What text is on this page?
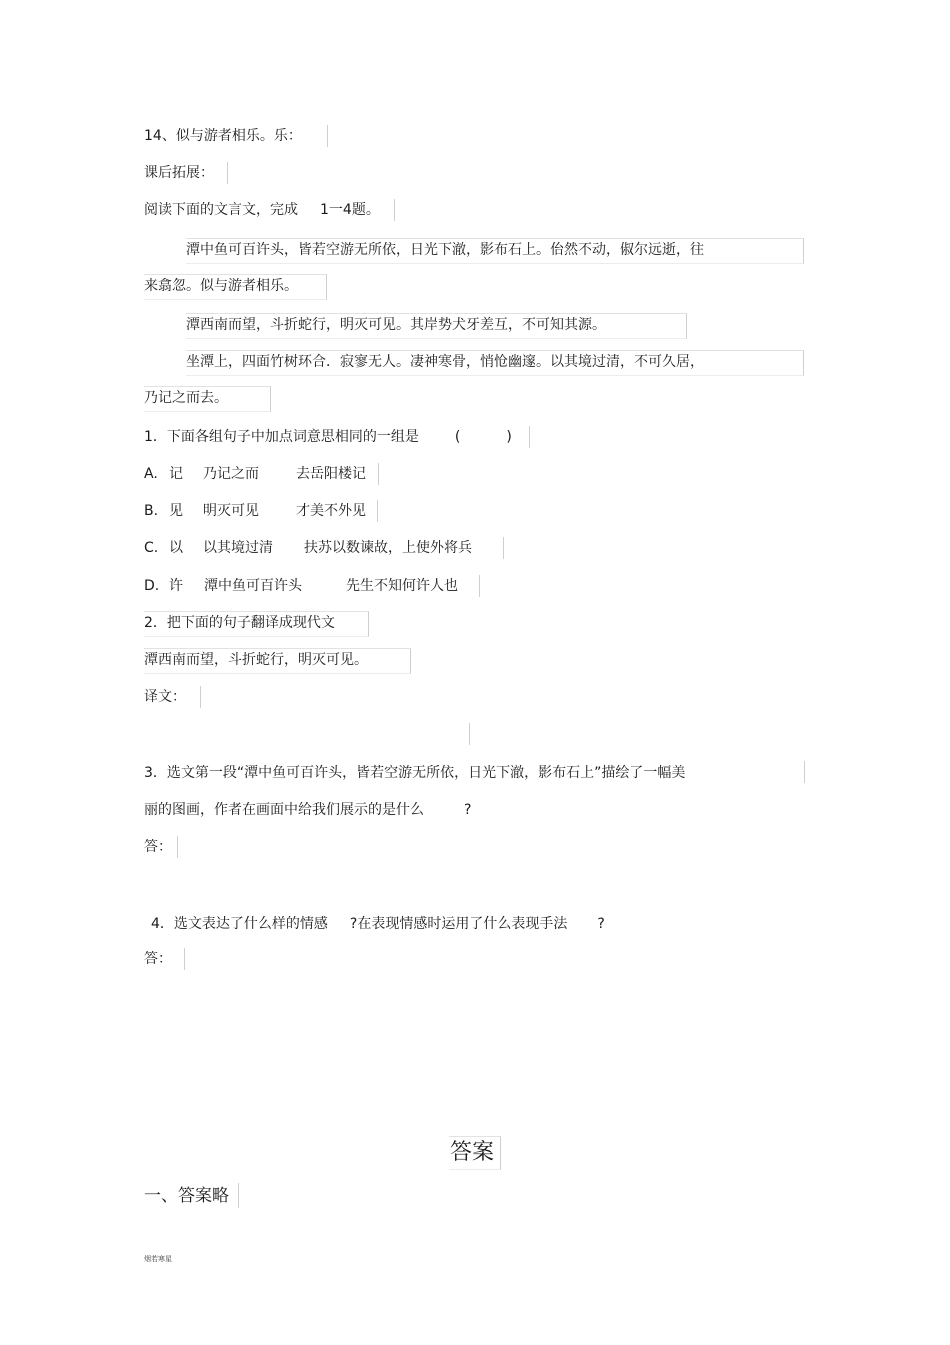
14、似与游者相乐。乐：
课后拓展：
阅读下面的文言文，完成 1一4题。
潭中鱼可百许头，皆若空游无所依，日光下澈，影布石上。佁然不动，俶尔远逝，往
来翕忽。似与游者相乐。
潭西南而望，斗折蛇行，明灭可见。其岸势犬牙差互，不可知其源。
坐潭上，四面竹树环合．寂寥无人。凄神寒骨，悄怆幽邃。以其境过清，不可久居，
乃记之而去。
1．下面各组句子中加点词意思相同的一组是	(	)
A. 记 乃记之而	去岳阳楼记
B. 见 明灭可见	才美不外见
C. 以 以其境过清 扶苏以数谏故，上使外将兵
D. 许 潭中鱼可百许头	先生不知何许人也
2．把下面的句子翻译成现代文
潭西南而望，斗折蛇行，明灭可见。
译文：
3．选文第一段“潭中鱼可百许头，皆若空游无所依，日光下澈，影布石上”描绘了一幅美
丽的图画，作者在画面中给我们展示的是什么	?
答：
4．选文表达了什么样的情感 ?在表现情感时运用了什么表现手法 ?
答：
答案
一、答案略
烟若寒星
